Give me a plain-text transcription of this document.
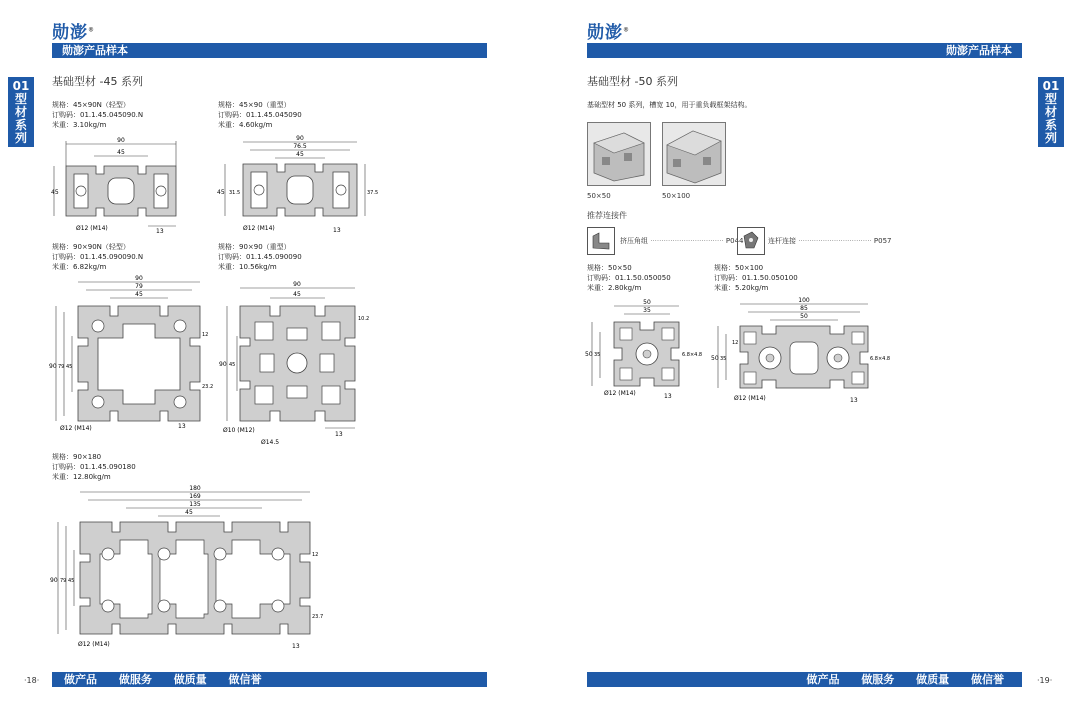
勋澎®
勋澎产品样本
01
型
材
系
列
基础型材 -45 系列
规格：45×90N（轻型）
订购码：01.1.45.045090.N
米重：3.10kg/m
规格：45×90（重型）
订购码：01.1.45.045090
米重：4.60kg/m
90
45
45
Ø12 (M14)	13
90
76.5
45
45 31.5
Ø12 (M14)	13
37.5
规格：90×90N（轻型）
订购码：01.1.45.090090.N
米重：6.82kg/m
规格：90×90（重型）
订购码：01.1.45.090090
米重：10.56kg/m
90
79
45
90 79 45
Ø12 (M14)	13
12
23.2
90
45
90 45
10.2
Ø10 (M12)
Ø14.5
13
规格：90×180
订购码：01.1.45.090180
米重：12.80kg/m
180
169
135
45
90 79 45
Ø12 (M14)	13
12
23.7
·18·	做产品 做服务 做质量 做信誉
勋澎®
勋澎产品样本
01
型
材
系
列
基础型材 -50 系列
基础型材 50 系列，槽宽 10，用于重负载框架结构。
50×50	50×100
推荐连接件
挤压角组 ································· P044	连杆连接 ································· P057
规格：50×50
订购码：01.1.50.050050
米重：2.80kg/m
规格：50×100
订购码：01.1.50.050100
米重：5.20kg/m
50
35
50 35
Ø12 (M14)	13
6.8×4.8
100
85
50
50 35
12
Ø12 (M14)	13
6.8×4.8
做产品 做服务 做质量 做信誉	·19·
